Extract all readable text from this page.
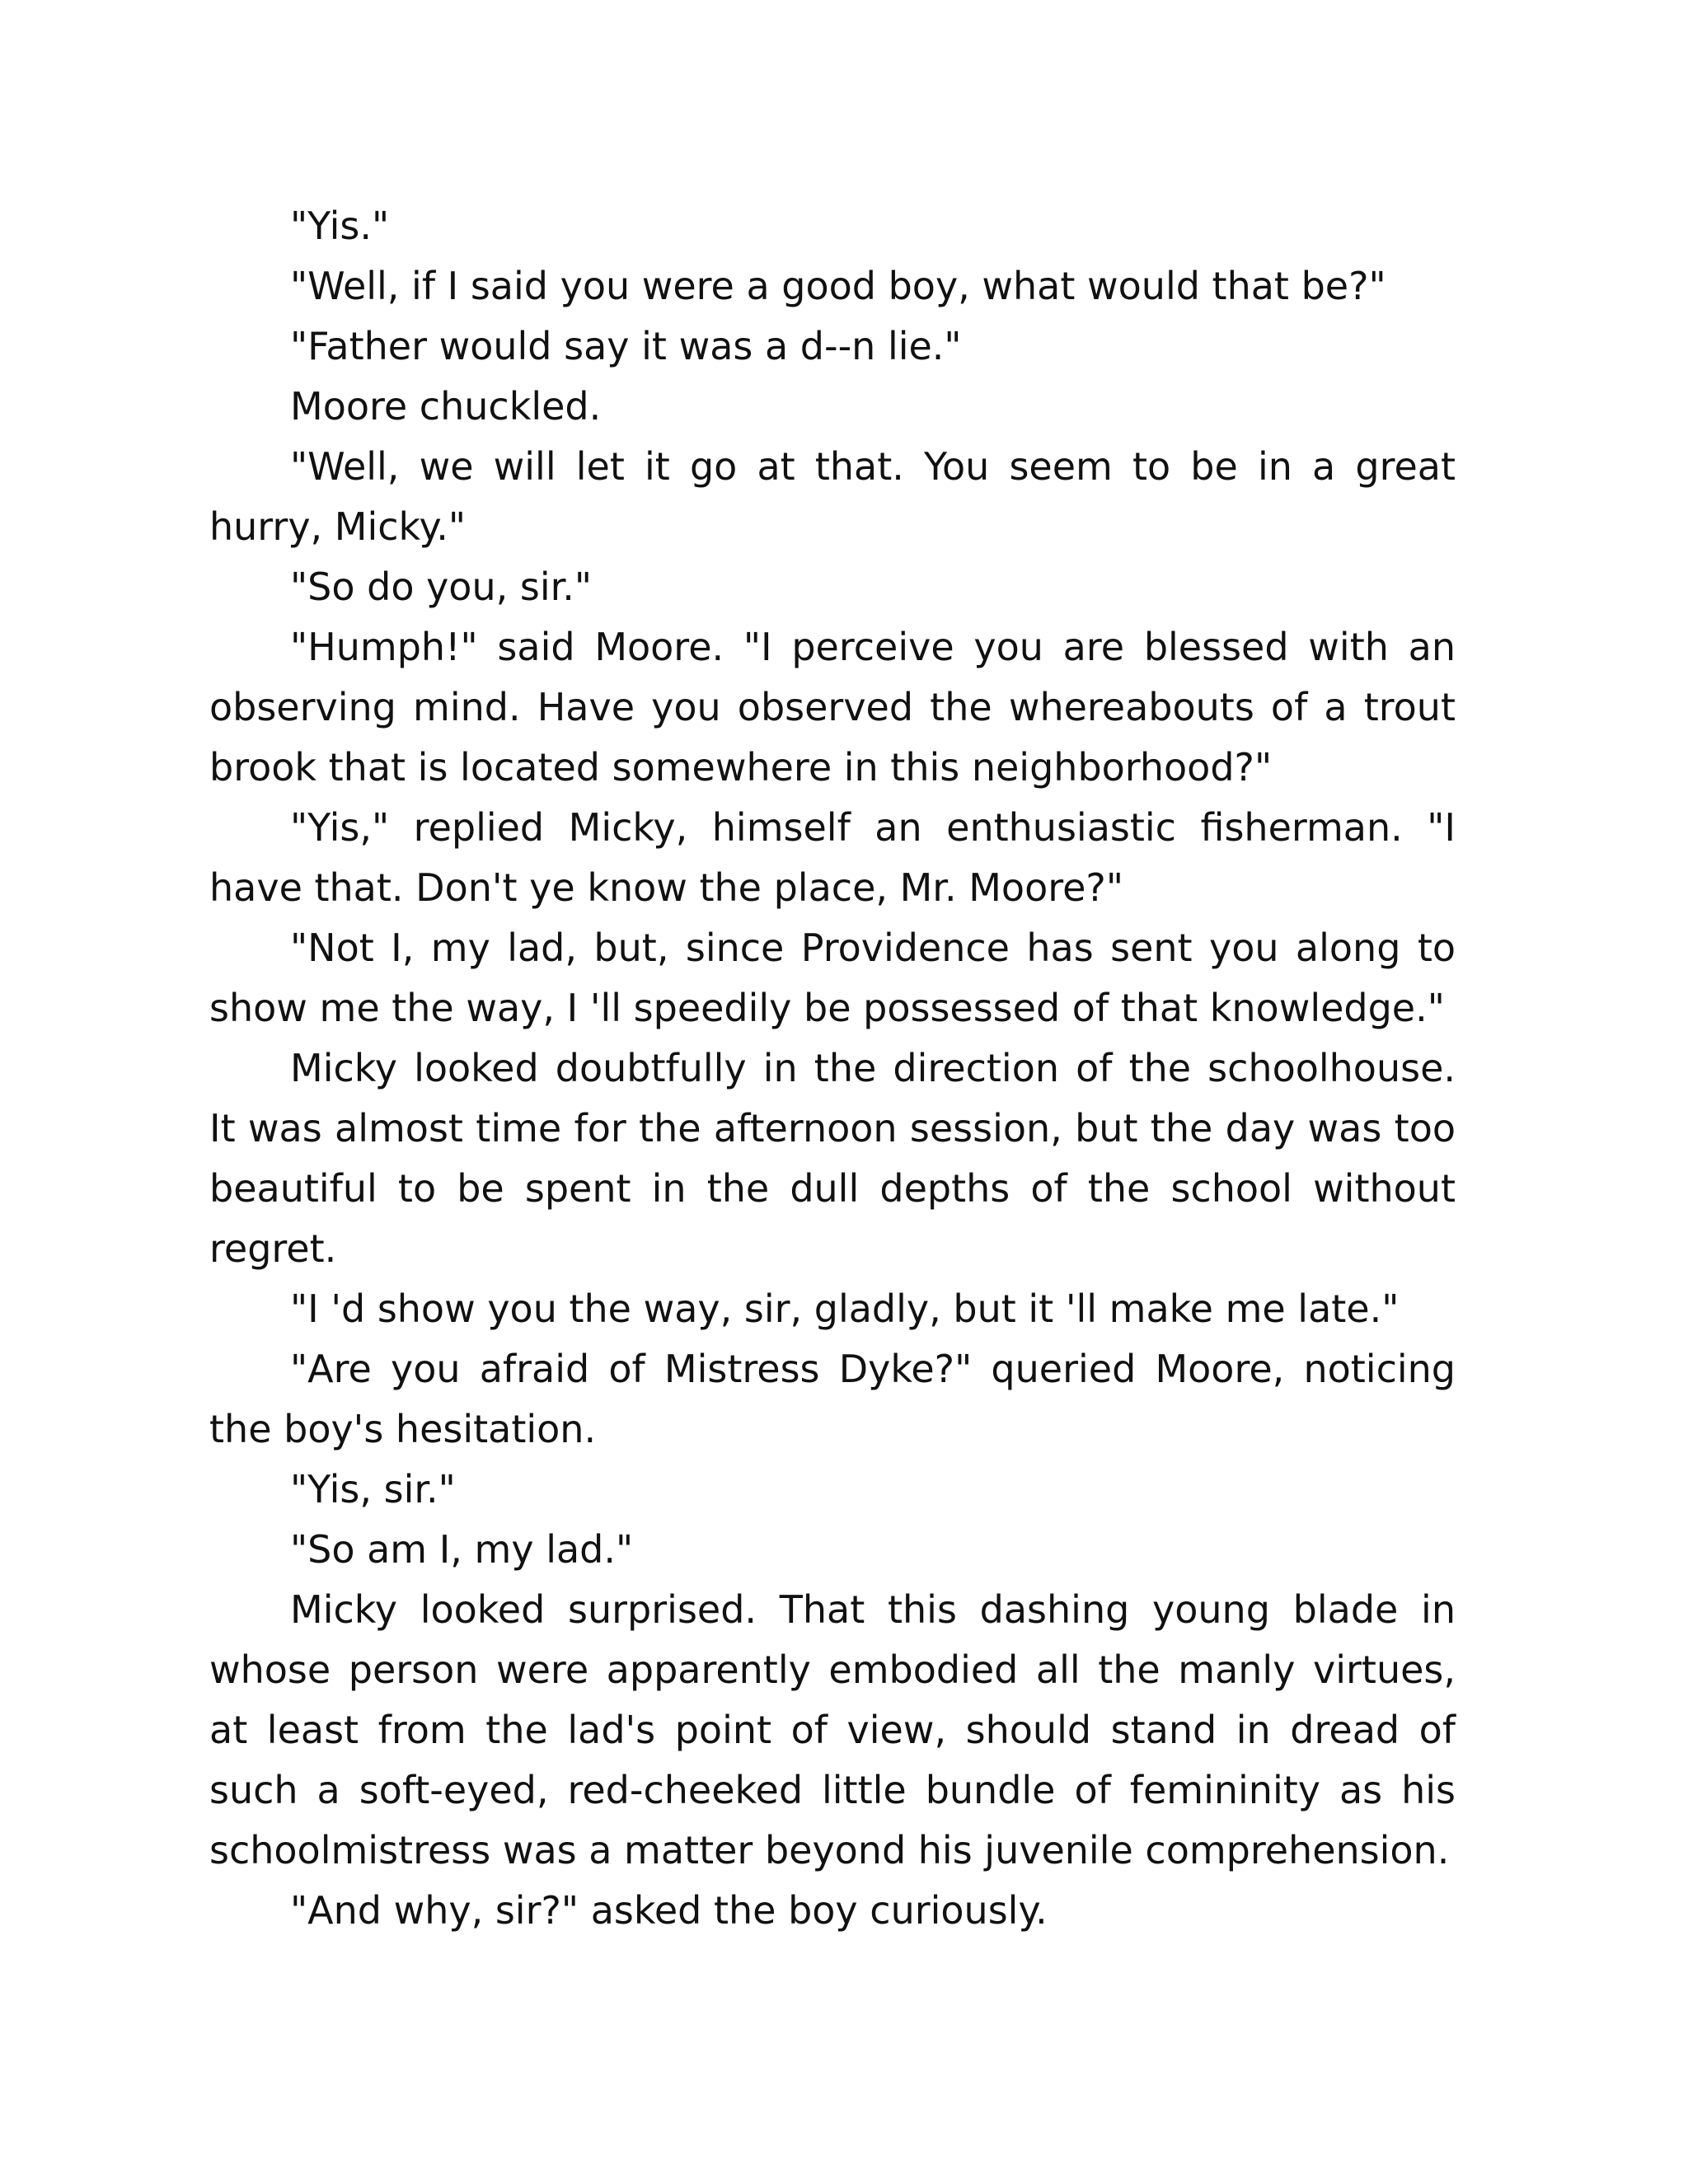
"Yis."

"Well, if I said you were a good boy, what would that be?"

"Father would say it was a d--n lie."

Moore chuckled.

"Well, we will let it go at that. You seem to be in a great hurry, Micky."

"So do you, sir."

"Humph!" said Moore. "I perceive you are blessed with an observing mind. Have you observed the whereabouts of a trout brook that is located somewhere in this neighborhood?"

"Yis," replied Micky, himself an enthusiastic fisherman. "I have that. Don't ye know the place, Mr. Moore?"

"Not I, my lad, but, since Providence has sent you along to show me the way, I 'll speedily be possessed of that knowledge."

Micky looked doubtfully in the direction of the schoolhouse. It was almost time for the afternoon session, but the day was too beautiful to be spent in the dull depths of the school without regret.

"I 'd show you the way, sir, gladly, but it 'll make me late."

"Are you afraid of Mistress Dyke?" queried Moore, noticing the boy's hesitation.

"Yis, sir."

"So am I, my lad."

Micky looked surprised. That this dashing young blade in whose person were apparently embodied all the manly virtues, at least from the lad's point of view, should stand in dread of such a soft-eyed, red-cheeked little bundle of femininity as his schoolmistress was a matter beyond his juvenile comprehension.

"And why, sir?" asked the boy curiously.
